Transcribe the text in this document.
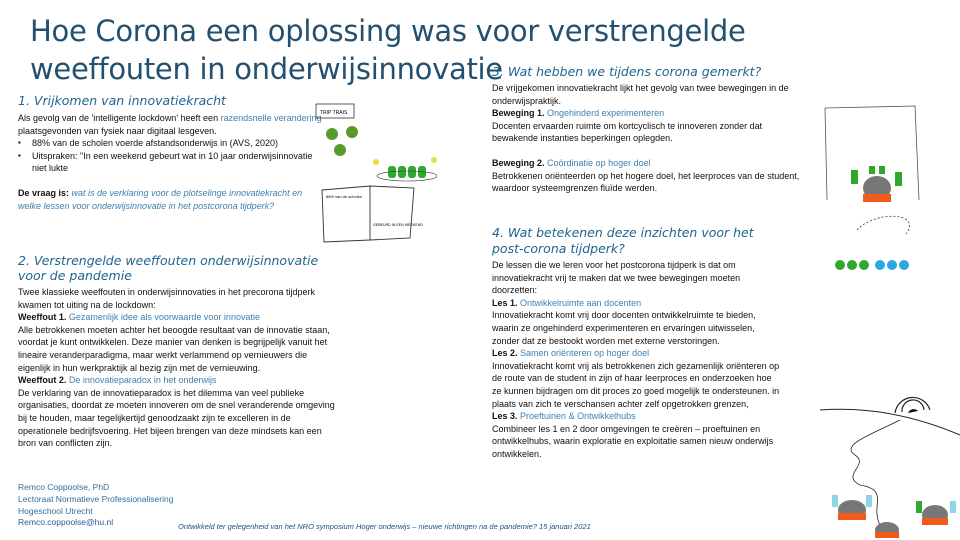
Hoe Corona een oplossing was voor verstrengelde weeffouten in onderwijsinnovatie
1. Vrijkomen van innovatiekracht

Als gevolg van de 'intelligente lockdown' heeft een razendsnelle verandering plaatsgevonden van fysiek naar digitaal lesgeven.

▪ 88% van de scholen voerde afstandsonderwijs in (AVS, 2020)
▪ Uitspraken: "In een weekend gebeurt wat in 10 jaar onderwijsinnovatie niet lukte

De vraag is: wat is de verklaring voor de plotselinge innovatiekracht en welke lessen voor onderwijsinnovatie in het postcorona tijdperk?

2. Verstrengelde weeffouten onderwijsinnovatie voor de pandemie

Twee klassieke weeffouten in onderwijsinnovaties in het precorona tijdperk kwamen tot uiting na de lockdown:

Weeffout 1. Gezamenlijk idee als voorwaarde voor innovatie

Alle betrokkenen moeten achter het beoogde resultaat van de innovatie staan, voordat je kunt ontwikkelen. Deze manier van denken is begrijpelijk vanuit het lineaire veranderparadigma, maar werkt verlammend op vernieuwers die eigenlijk in hun werkpraktijk al bezig zijn met de vernieuwing.

Weeffout 2. De innovatieparadox in het onderwijs

De verklaring van de innovatieparadox is het dilemma van veel publieke organisaties, doordat ze moeten innoveren om de snel veranderende omgeving bij te houden, maar tegelijkertijd genoodzaakt zijn te excelleren in de operationele bedrijfsvoering. Het bijeen brengen van deze mindsets kan een bron van conflicten zijn.

Remco Coppoolse, PhD
Lectoraat Normatieve Professionalisering
Hogeschool Utrecht
Remco.coppoolse@hu.nl
3. Wat hebben we tijdens corona gemerkt?

De vrijgekomen innovatiekracht lijkt het gevolg van twee bewegingen in de onderwijspraktijk.

Beweging 1. Ongehinderd experimenteren

Docenten ervaarden ruimte om kortcyclisch te innoveren zonder dat bewakende instanties beperkingen oplegden.

Beweging 2. Coördinatie op hoger doel

Betrokkenen oriënteerden op het hogere doel, het leerproces van de student, waardoor systeemgrenzen fluïde werden.

4. Wat betekenen deze inzichten voor het post-corona tijdperk?

De lessen die we leren voor het postcorona tijdperk is dat om innovatiekracht vrij te maken dat we twee bewegingen moeten doorzetten:

Les 1. Ontwikkelruimte aan docenten

Innovatiekracht komt vrij door docenten ontwikkelruimte te bieden, waarin ze ongehinderd experimenteren en ervaringen uitwisselen, zonder dat ze bestookt worden met externe verstoringen.

Les 2. Samen oriënteren op hoger doel

Innovatiekracht komt vrij als betrokkenen zich gezamenlijk oriënteren op de route van de student in zijn of haar leerproces en onderzoeken hoe ze kunnen bijdragen om dit proces zo goed mogelijk te ondersteunen. in plaats van zich te verschansen achter zelf opgetrokken grenzen,

Les 3. Proeftuinen & Ontwikkelhubs

Combineer les 1 en 2 door omgevingen te creëren – proeftuinen en ontwikkelhubs, waarin exploratie en exploitatie samen nieuw onderwijs ontwikkelen.

Ontwikkeld ter gelegenheid van het NRO symposium Hoger onderwijs – nieuwe richtingen na de pandemie? 15 januari 2021
TRIP TRAIS
88% van de scholen
GEBEURD IN EEN WEEKEND
